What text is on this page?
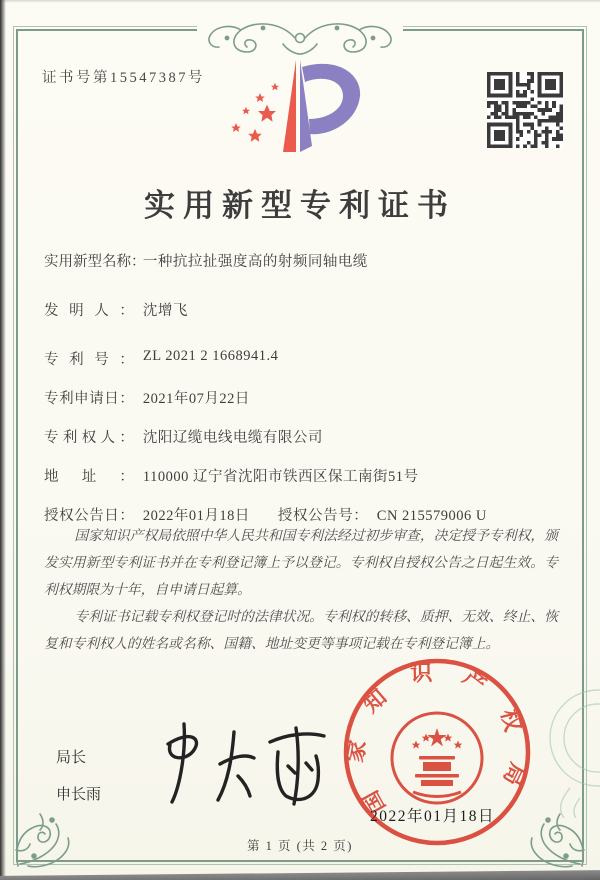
证书号第15547387号
实用新型专利证书
实用新型名称：一种抗拉扯强度高的射频同轴电缆
发明人： 沈增飞
专利号： ZL 2021 2 1668941.4
专利申请日： 2021年07月22日
专利权人： 沈阳辽缆电线电缆有限公司
地址： 110000 辽宁省沈阳市铁西区保工南街51号
授权公告日： 2022年01月18日 授权公告号： CN 215579006 U

国家知识产权局依照中华人民共和国专利法经过初步审查，决定授予专利权，颁发实用新型专利证书并在专利登记簿上予以登记。专利权自授权公告之日起生效。专利权期限为十年，自申请日起算。

专利证书记载专利权登记时的法律状况。专利权的转移、质押、无效、终止、恢复和专利权人的姓名或名称、国籍、地址变更等事项记载在专利登记簿上。

局长
申长雨	国家知识产权局
2022年01月18日
第 1 页 (共 2 页)
